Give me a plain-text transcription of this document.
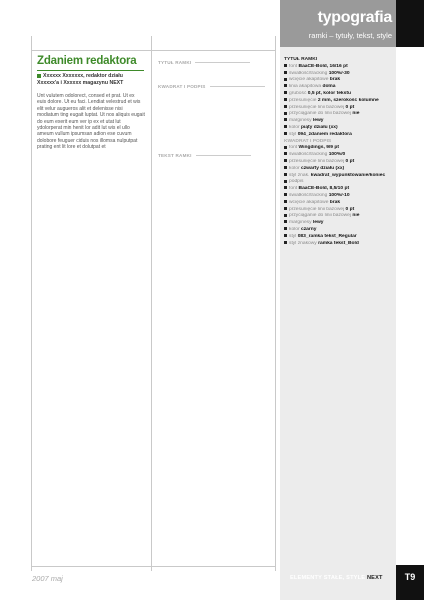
typografia
ramki – tytuły, tekst, style
Zdaniem redaktora
Xxxxxx Xxxxxxx, redaktor działu Xxxxxx'a i Xxxxxx magazynu NEXT
Unt vulutem odolorect, consed et prat. Ut ex euis dolore. Ut eu faci. Lendiat velestrud et wis elit velur augueros alit et delenisse nisi modiatum ting eugait luptat. Ut nos aliquis eugait do eum exerit eum ver ip ex et utat lut ydolorperat min henit lor adit lut wis el ullo ameum vullum ipsumsan adion ese cuvum dolobore feuguer ciduis nos illomsa nulputpat prating ent lit lore et dolutpat et
TYTUŁ RAMKI
KWADRAT I PODPIS
TEKST RAMKI
TYTUŁ RAMKI
font BaaCE-Bold, 16/16 pt
światłość/tracking 100%/-30
wcięcie akapitowe brak
linia akapitowa dolna
grubość 0,5 pt, kolor tekstu
przesunięcie 2 mm, szerokość kolumne
przesunięcie linii bazowej 0 pt
przyciąganie do linii bazowej nie
marginesy lewy
kolor piąty działu (xx)
styl 094_zdaniem redaktora
KWADRAT I PODPIS
font Wingdings, 9/9 pt
światłość/tracking 100%/0
przesunięcie linii bazowej 0 pt
kolor czwarty działu (xx)
styl znak. kwadrat_wypunktowanie/koniec
podpis
font BaaCE-Bold, 8,5/10 pt
światłość/tracking 100%/-10
wcięcie akapitowe brak
przesunięcie linii bazowej 0 pt
przyciąganie do linii bazowej nie
marginesy lewy
kolor czarny
styl 083_ramka tekst_Regular
styl znakowy ramka tekst_Bold
2007 maj	ELEMENTY STAŁE, STYLE NEXT	T9
